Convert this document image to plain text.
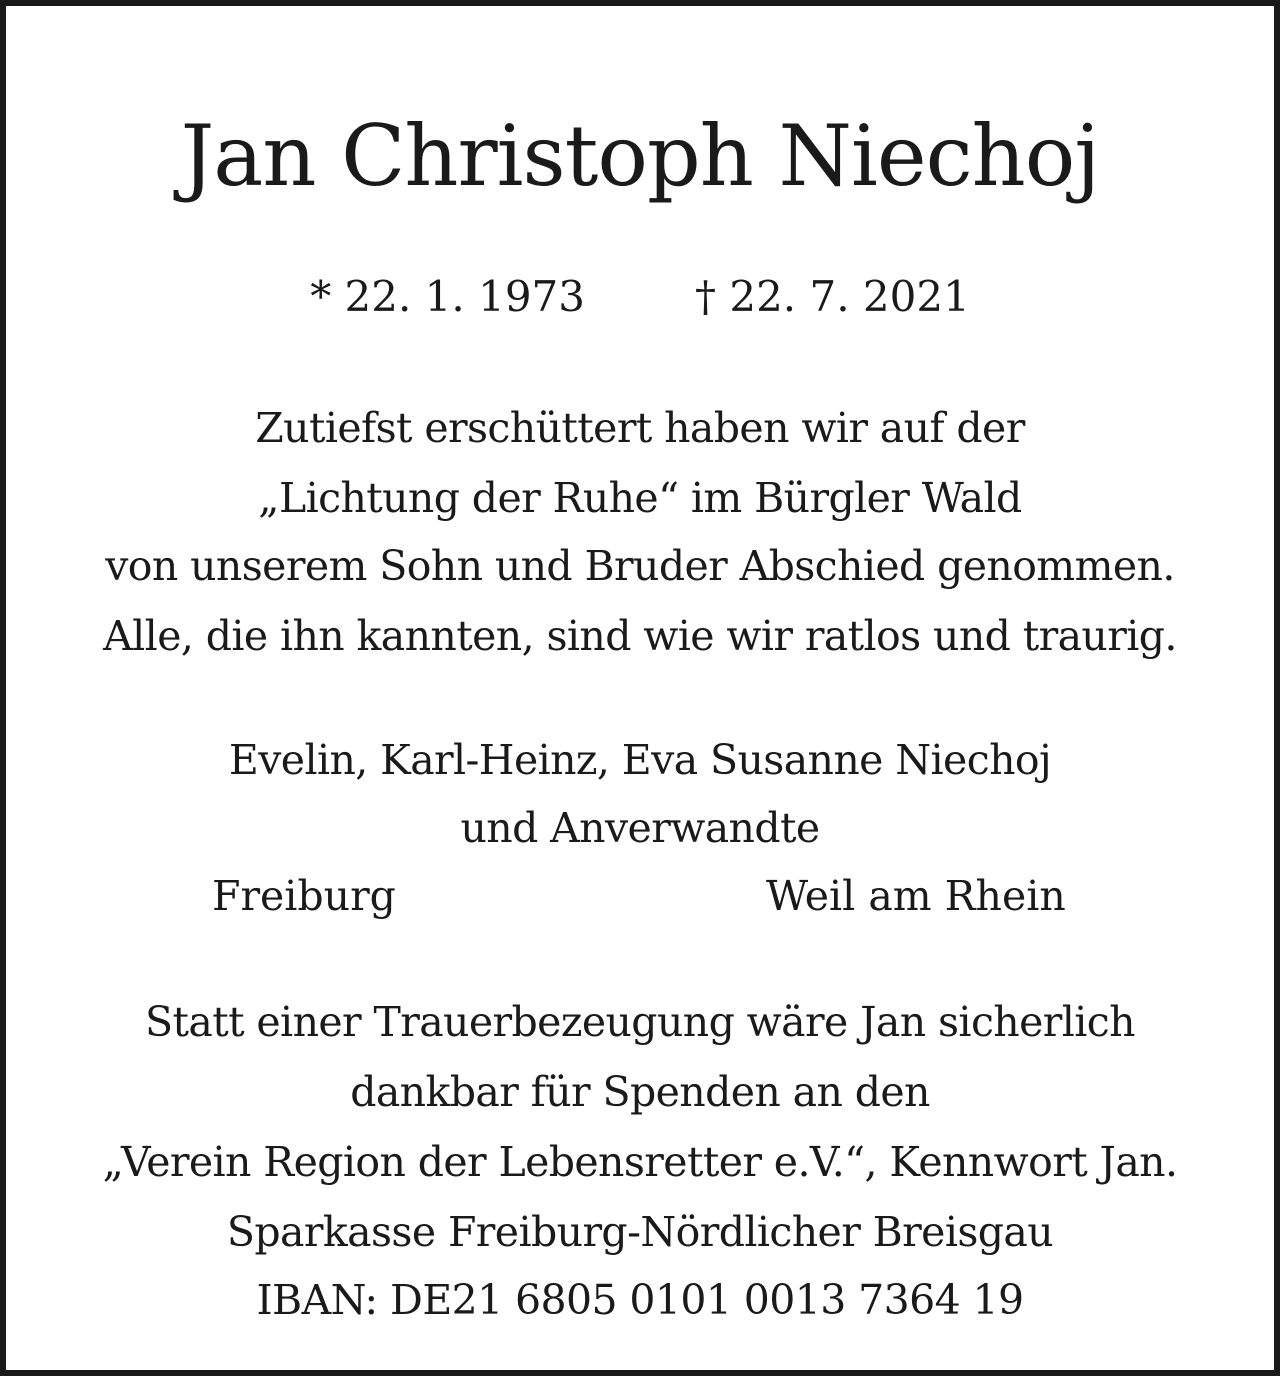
Jan Christoph Niechoj
* 22. 1. 1973	† 22. 7. 2021
Zutiefst erschüttert haben wir auf der
„Lichtung der Ruhe“ im Bürgler Wald
von unserem Sohn und Bruder Abschied genommen.
Alle, die ihn kannten, sind wie wir ratlos und traurig.
Evelin, Karl-Heinz, Eva Susanne Niechoj
und Anverwandte
Freiburg	Weil am Rhein
Statt einer Trauerbezeugung wäre Jan sicherlich
dankbar für Spenden an den
„Verein Region der Lebensretter e.V.“, Kennwort Jan.
Sparkasse Freiburg-Nördlicher Breisgau
IBAN: DE21 6805 0101 0013 7364 19
